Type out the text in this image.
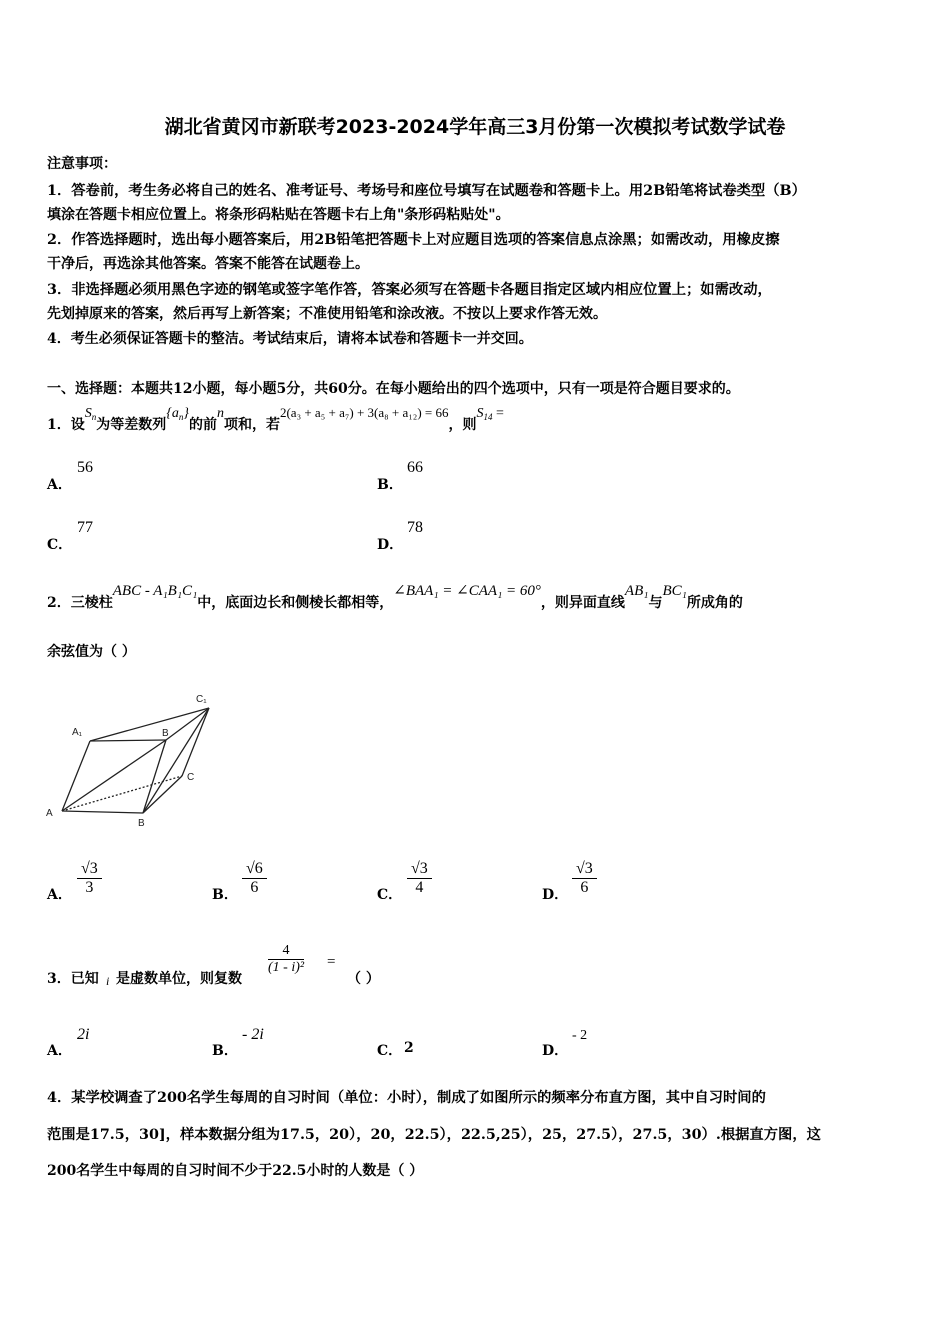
湖北省黄冈市新联考2023-2024学年高三3月份第一次模拟考试数学试卷
注意事项：
1．答卷前，考生务必将自己的姓名、准考证号、考场号和座位号填写在试题卷和答题卡上。用2B铅笔将试卷类型（B）
填涂在答题卡相应位置上。将条形码粘贴在答题卡右上角"条形码粘贴处"。
2．作答选择题时，选出每小题答案后，用2B铅笔把答题卡上对应题目选项的答案信息点涂黑；如需改动，用橡皮擦
干净后，再选涂其他答案。答案不能答在试题卷上。
3．非选择题必须用黑色字迹的钢笔或签字笔作答，答案必须写在答题卡各题目指定区域内相应位置上；如需改动，
先划掉原来的答案，然后再写上新答案；不准使用铅笔和涂改液。不按以上要求作答无效。
4．考生必须保证答题卡的整洁。考试结束后，请将本试卷和答题卡一并交回。
一、选择题：本题共12小题，每小题5分，共60分。在每小题给出的四个选项中，只有一项是符合题目要求的。
1．设$S_n$为等差数列$\{a_n\}$的前n项和，若2(a₃ + a₅ + a₇) + 3(a₈ + a₁₂) = 66，则$S_{14}$ =
A．
56
B．
66
C．
77
D．
78
2．三棱柱ABC - A₁B₁C₁中，底面边长和侧棱长都相等，∠BAA₁ = ∠CAA₁ = 60°，则异面直线AB₁与BC₁所成角的
余弦值为（ ）
A₁	B
C₁
C
A
B
A． $\frac{√3}{3}$	B． $\frac{√6}{6}$	C． $\frac{√3}{4}$	D． $\frac{√3}{6}$
3．已知 i 是虚数单位，则复数
$\frac{4}{\text{(1 - i)²}}$ =
（ ）
A．
2i
B．
- 2i
C． 2	D．
- 2
4．某学校调查了200名学生每周的自习时间（单位：小时），制成了如图所示的频率分布直方图，其中自习时间的
范围是17.5，30]，样本数据分组为17.5，20），20，22.5），22.5,25），25，27.5），27.5，30）.根据直方图，这
200名学生中每周的自习时间不少于22.5小时的人数是（ ）
